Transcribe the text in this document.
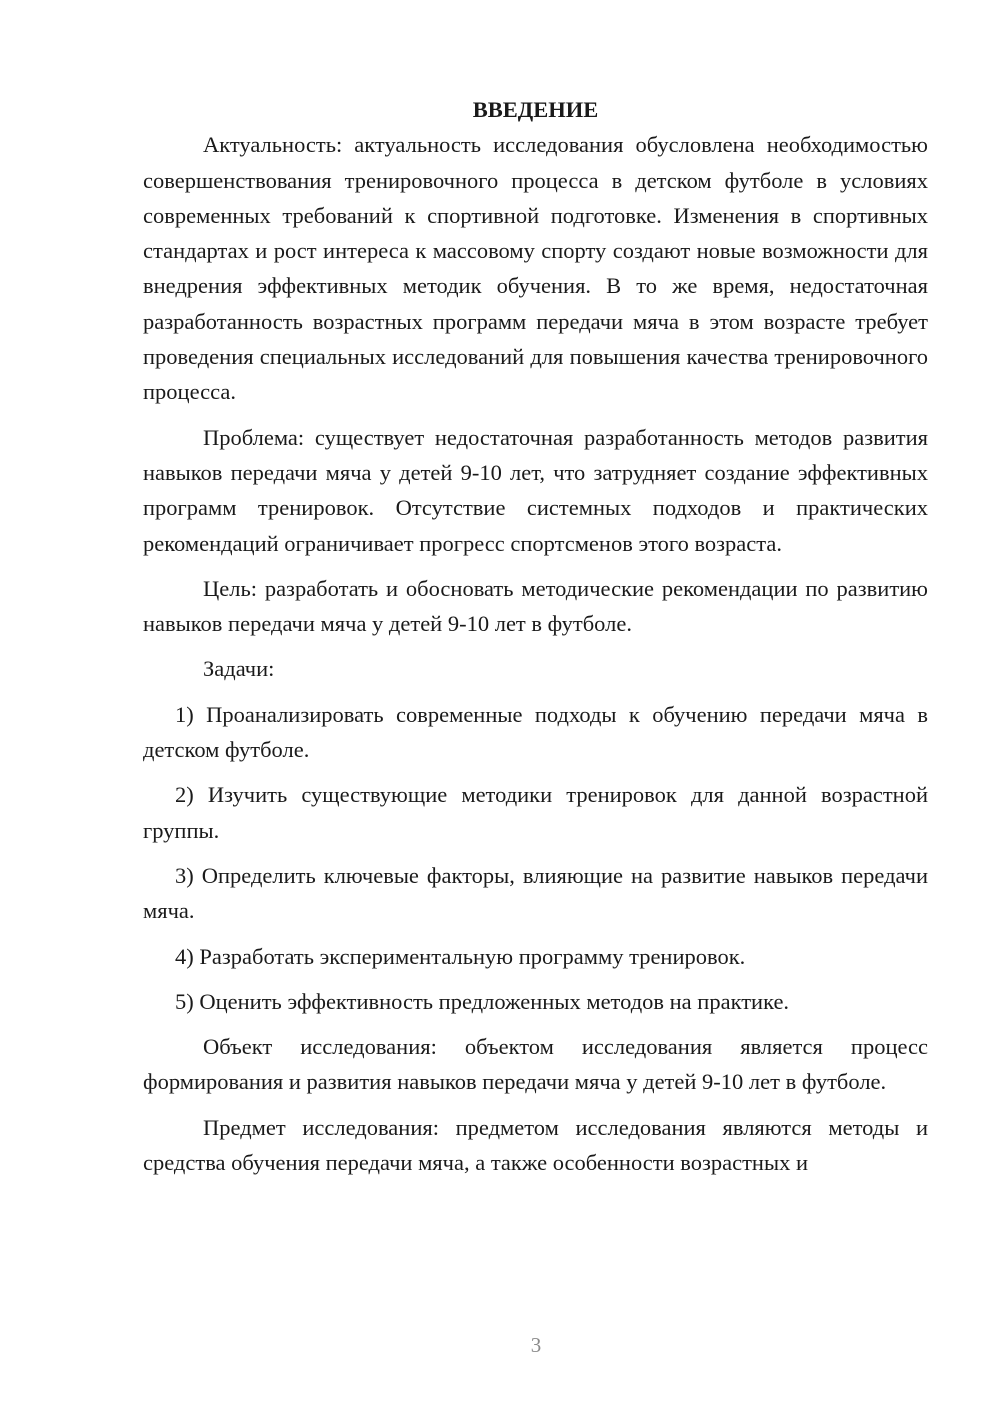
ВВЕДЕНИЕ

Актуальность: актуальность исследования обусловлена необходимостью совершенствования тренировочного процесса в детском футболе в условиях современных требований к спортивной подготовке. Изменения в спортивных стандартах и рост интереса к массовому спорту создают новые возможности для внедрения эффективных методик обучения. В то же время, недостаточная разработанность возрастных программ передачи мяча в этом возрасте требует проведения специальных исследований для повышения качества тренировочного процесса.

Проблема: существует недостаточная разработанность методов развития навыков передачи мяча у детей 9-10 лет, что затрудняет создание эффективных программ тренировок. Отсутствие системных подходов и практических рекомендаций ограничивает прогресс спортсменов этого возраста.

Цель: разработать и обосновать методические рекомендации по развитию навыков передачи мяча у детей 9-10 лет в футболе.

Задачи:

1) Проанализировать современные подходы к обучению передачи мяча в детском футболе.

2) Изучить существующие методики тренировок для данной возрастной группы.

3) Определить ключевые факторы, влияющие на развитие навыков передачи мяча.

4) Разработать экспериментальную программу тренировок.

5) Оценить эффективность предложенных методов на практике.

Объект исследования: объектом исследования является процесс формирования и развития навыков передачи мяча у детей 9-10 лет в футболе.

Предмет исследования: предметом исследования являются методы и средства обучения передачи мяча, а также особенности возрастных и

3
